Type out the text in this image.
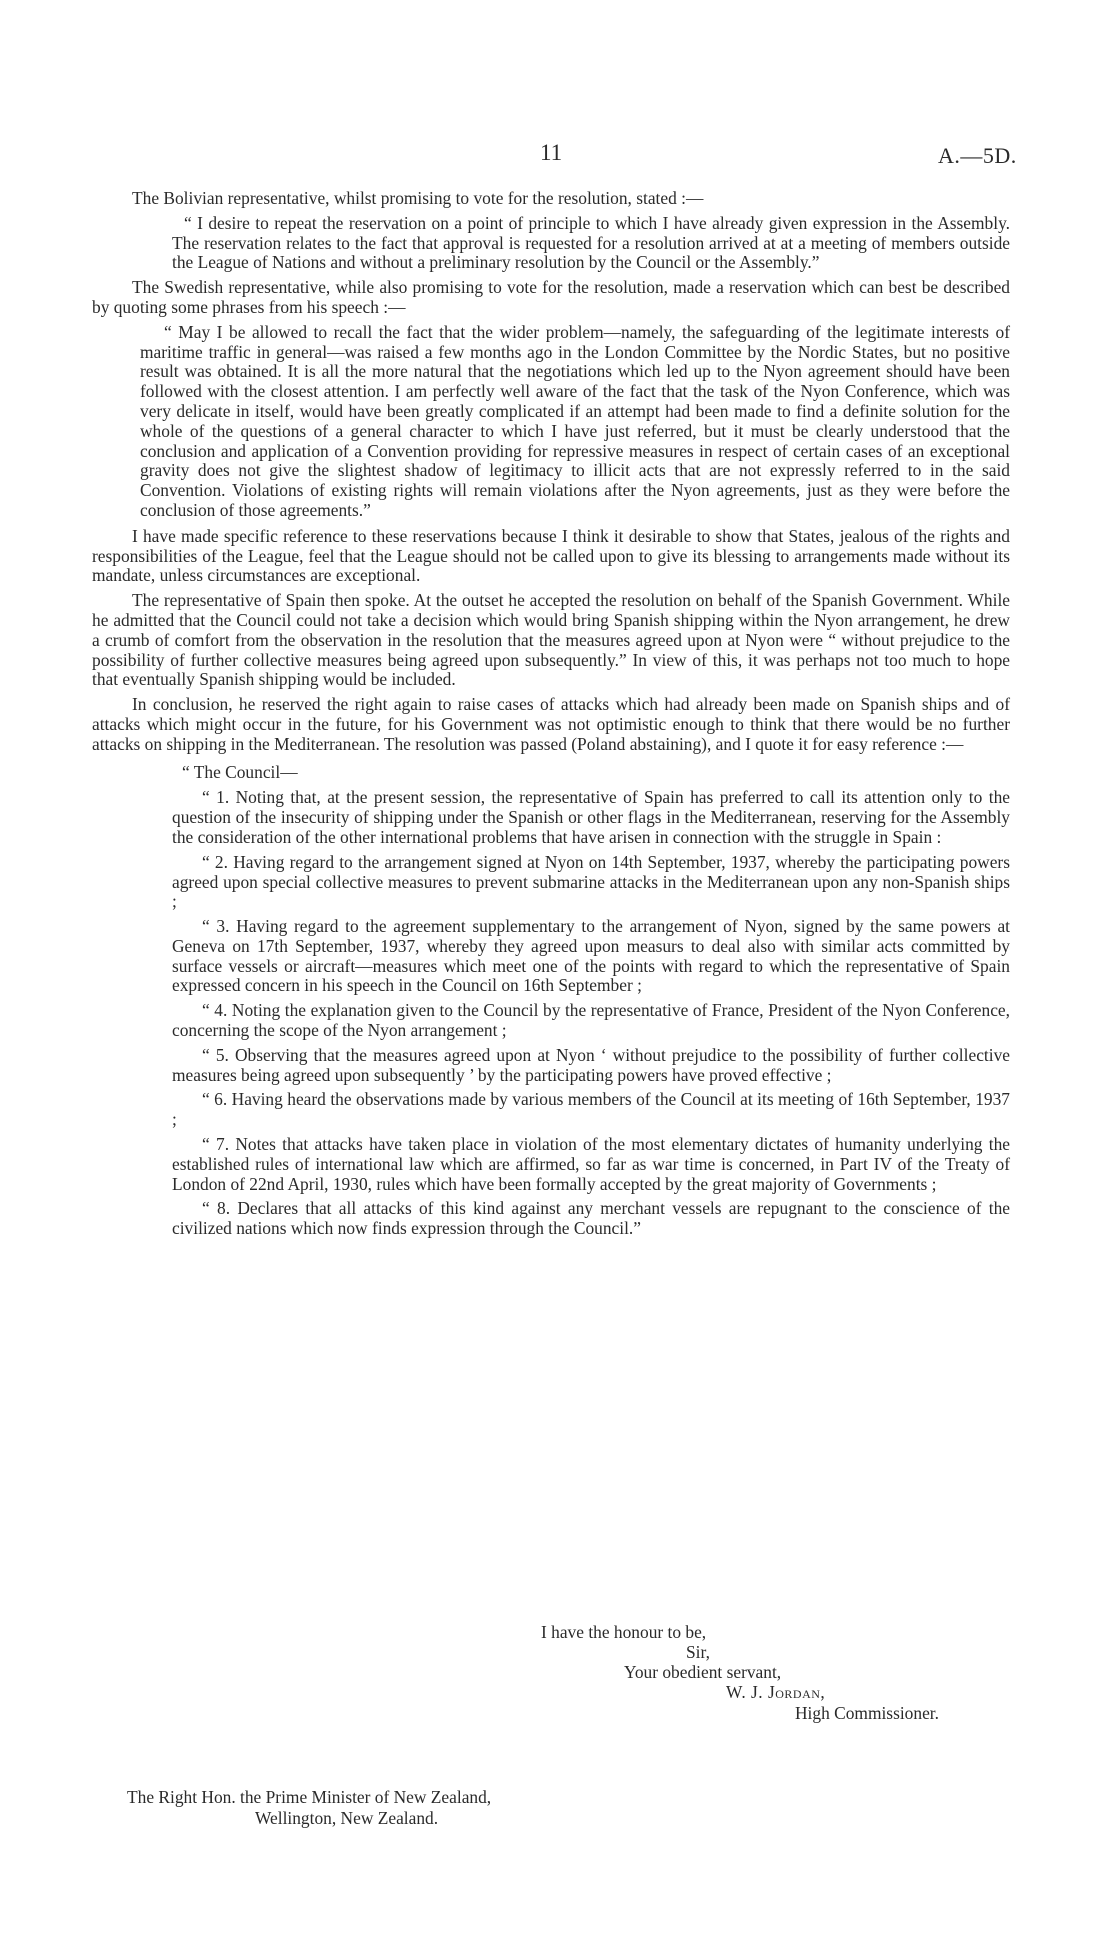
11	A.—5D.

The Bolivian representative, whilst promising to vote for the resolution, stated :—

“ I desire to repeat the reservation on a point of principle to which I have already given expression in the Assembly. The reservation relates to the fact that approval is requested for a resolution arrived at at a meeting of members outside the League of Nations and without a preliminary resolution by the Council or the Assembly.”

The Swedish representative, while also promising to vote for the resolution, made a reservation which can best be described by quoting some phrases from his speech :—

“ May I be allowed to recall the fact that the wider problem—namely, the safeguarding of the legitimate interests of maritime traffic in general—was raised a few months ago in the London Committee by the Nordic States, but no positive result was obtained. It is all the more natural that the negotiations which led up to the Nyon agreement should have been followed with the closest attention. I am perfectly well aware of the fact that the task of the Nyon Conference, which was very delicate in itself, would have been greatly complicated if an attempt had been made to find a definite solution for the whole of the questions of a general character to which I have just referred, but it must be clearly understood that the conclusion and application of a Convention providing for repressive measures in respect of certain cases of an exceptional gravity does not give the slightest shadow of legitimacy to illicit acts that are not expressly referred to in the said Convention. Violations of existing rights will remain violations after the Nyon agreements, just as they were before the conclusion of those agreements.”

I have made specific reference to these reservations because I think it desirable to show that States, jealous of the rights and responsibilities of the League, feel that the League should not be called upon to give its blessing to arrangements made without its mandate, unless circumstances are exceptional.

The representative of Spain then spoke. At the outset he accepted the resolution on behalf of the Spanish Government. While he admitted that the Council could not take a decision which would bring Spanish shipping within the Nyon arrangement, he drew a crumb of comfort from the observation in the resolution that the measures agreed upon at Nyon were “ without prejudice to the possibility of further collective measures being agreed upon subsequently.” In view of this, it was perhaps not too much to hope that eventually Spanish shipping would be included.

In conclusion, he reserved the right again to raise cases of attacks which had already been made on Spanish ships and of attacks which might occur in the future, for his Government was not optimistic enough to think that there would be no further attacks on shipping in the Mediterranean. The resolution was passed (Poland abstaining), and I quote it for easy reference :—

“ The Council—

“ 1. Noting that, at the present session, the representative of Spain has preferred to call its attention only to the question of the insecurity of shipping under the Spanish or other flags in the Mediterranean, reserving for the Assembly the consideration of the other international problems that have arisen in connection with the struggle in Spain :

“ 2. Having regard to the arrangement signed at Nyon on 14th September, 1937, whereby the participating powers agreed upon special collective measures to prevent submarine attacks in the Mediterranean upon any non-Spanish ships ;

“ 3. Having regard to the agreement supplementary to the arrangement of Nyon, signed by the same powers at Geneva on 17th September, 1937, whereby they agreed upon measurs to deal also with similar acts committed by surface vessels or aircraft—measures which meet one of the points with regard to which the representative of Spain expressed concern in his speech in the Council on 16th September ;

“ 4. Noting the explanation given to the Council by the representative of France, President of the Nyon Conference, concerning the scope of the Nyon arrangement ;

“ 5. Observing that the measures agreed upon at Nyon ‘ without prejudice to the possibility of further collective measures being agreed upon subsequently ’ by the participating powers have proved effective ;

“ 6. Having heard the observations made by various members of the Council at its meeting of 16th September, 1937 ;

“ 7. Notes that attacks have taken place in violation of the most elementary dictates of humanity underlying the established rules of international law which are affirmed, so far as war time is concerned, in Part IV of the Treaty of London of 22nd April, 1930, rules which have been formally accepted by the great majority of Governments ;

“ 8. Declares that all attacks of this kind against any merchant vessels are repugnant to the conscience of the civilized nations which now finds expression through the Council.”

I have the honour to be,
Sir,
Your obedient servant,
W. J. Jordan,
High Commissioner.
The Right Hon. the Prime Minister of New Zealand,
Wellington, New Zealand.
